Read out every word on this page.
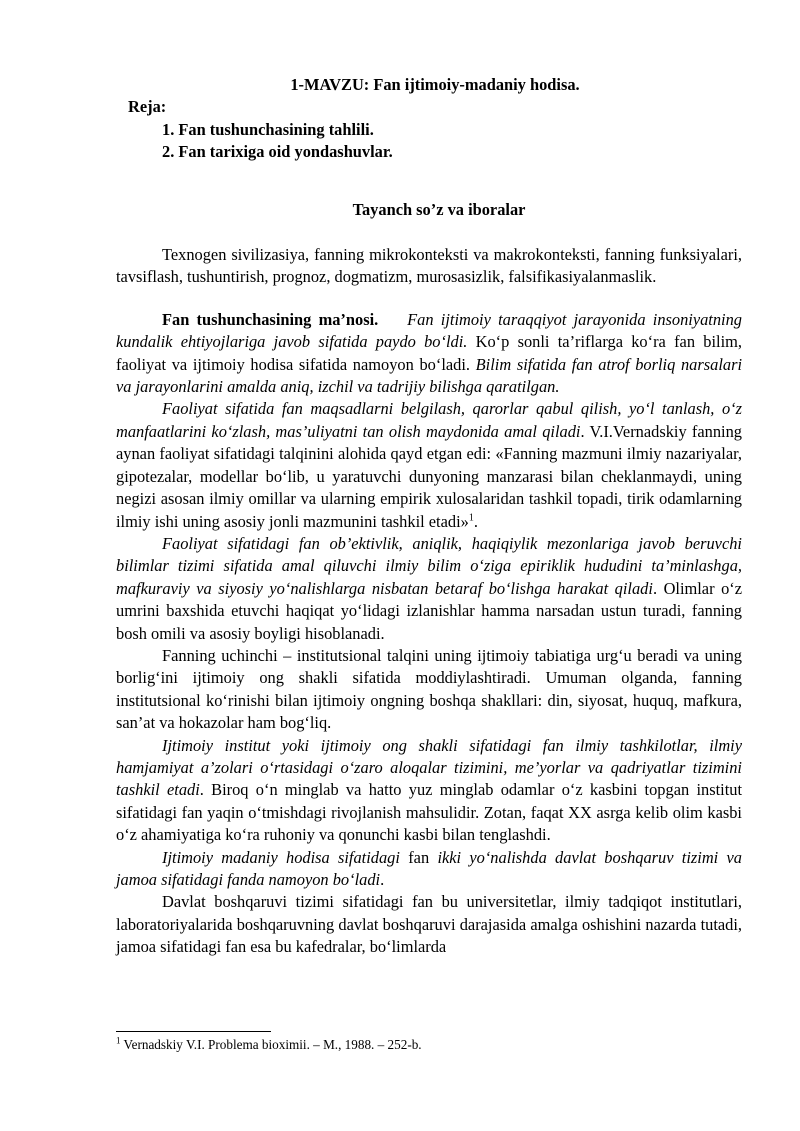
1-MAVZU: Fan ijtimoiy-madaniy hodisa.
Reja:
1. Fan tushunchasining tahlili.
2. Fan tarixiga oid yondashuvlar.
Tayanch so’z va iboralar

Texnogen sivilizasiya, fanning mikrokonteksti va makrokonteksti, fanning funksiyalari, tavsiflash, tushuntirish, prognoz, dogmatizm, murosasizlik, falsifikasiyalanmaslik.

Fan tushunchasining ma’nosi. Fan ijtimoiy taraqqiyot jarayonida insoniyatning kundalik ehtiyojlariga javob sifatida paydo bo‘ldi. Ko‘p sonli ta’riflarga ko‘ra fan bilim, faoliyat va ijtimoiy hodisa sifatida namoyon bo‘ladi. Bilim sifatida fan atrof borliq narsalari va jarayonlarini amalda aniq, izchil va tadrijiy bilishga qaratilgan.

Faoliyat sifatida fan maqsadlarni belgilash, qarorlar qabul qilish, yo‘l tanlash, o‘z manfaatlarini ko‘zlash, mas’uliyatni tan olish maydonida amal qiladi. V.I.Vernadskiy fanning aynan faoliyat sifatidagi talqinini alohida qayd etgan edi: «Fanning mazmuni ilmiy nazariyalar, gipotezalar, modellar bo‘lib, u yaratuvchi dunyoning manzarasi bilan cheklanmaydi, uning negizi asosan ilmiy omillar va ularning empirik xulosalaridan tashkil topadi, tirik odamlarning ilmiy ishi uning asosiy jonli mazmunini tashkil etadi»$^1$.

Faoliyat sifatidagi fan ob’ektivlik, aniqlik, haqiqiylik mezonlariga javob beruvchi bilimlar tizimi sifatida amal qiluvchi ilmiy bilim o‘ziga epiriklik hududini ta’minlashga, mafkuraviy va siyosiy yo‘nalishlarga nisbatan betaraf bo‘lishga harakat qiladi. Olimlar o‘z umrini baxshida etuvchi haqiqat yo‘lidagi izlanishlar hamma narsadan ustun turadi, fanning bosh omili va asosiy boyligi hisoblanadi.

Fanning uchinchi – institutsional talqini uning ijtimoiy tabiatiga urg‘u beradi va uning borlig‘ini ijtimoiy ong shakli sifatida moddiylashtiradi. Umuman olganda, fanning institutsional ko‘rinishi bilan ijtimoiy ongning boshqa shakllari: din, siyosat, huquq, mafkura, san’at va hokazolar ham bog‘liq.

Ijtimoiy institut yoki ijtimoiy ong shakli sifatidagi fan ilmiy tashkilotlar, ilmiy hamjamiyat a’zolari o‘rtasidagi o‘zaro aloqalar tizimini, me’yorlar va qadriyatlar tizimini tashkil etadi. Biroq o‘n minglab va hatto yuz minglab odamlar o‘z kasbini topgan institut sifatidagi fan yaqin o‘tmishdagi rivojlanish mahsulidir. Zotan, faqat XX asrga kelib olim kasbi o‘z ahamiyatiga ko‘ra ruhoniy va qonunchi kasbi bilan tenglashdi.

Ijtimoiy madaniy hodisa sifatidagi fan ikki yo‘nalishda davlat boshqaruv tizimi va jamoa sifatidagi fanda namoyon bo‘ladi.

Davlat boshqaruvi tizimi sifatidagi fan bu universitetlar, ilmiy tadqiqot institutlari, laboratoriyalarida boshqaruvning davlat boshqaruvi darajasida amalga oshishini nazarda tutadi, jamoa sifatidagi fan esa bu kafedralar, bo‘limlarda

$^1$ Vernadskiy V.I. Problema bioximii. – M., 1988. – 252-b.
